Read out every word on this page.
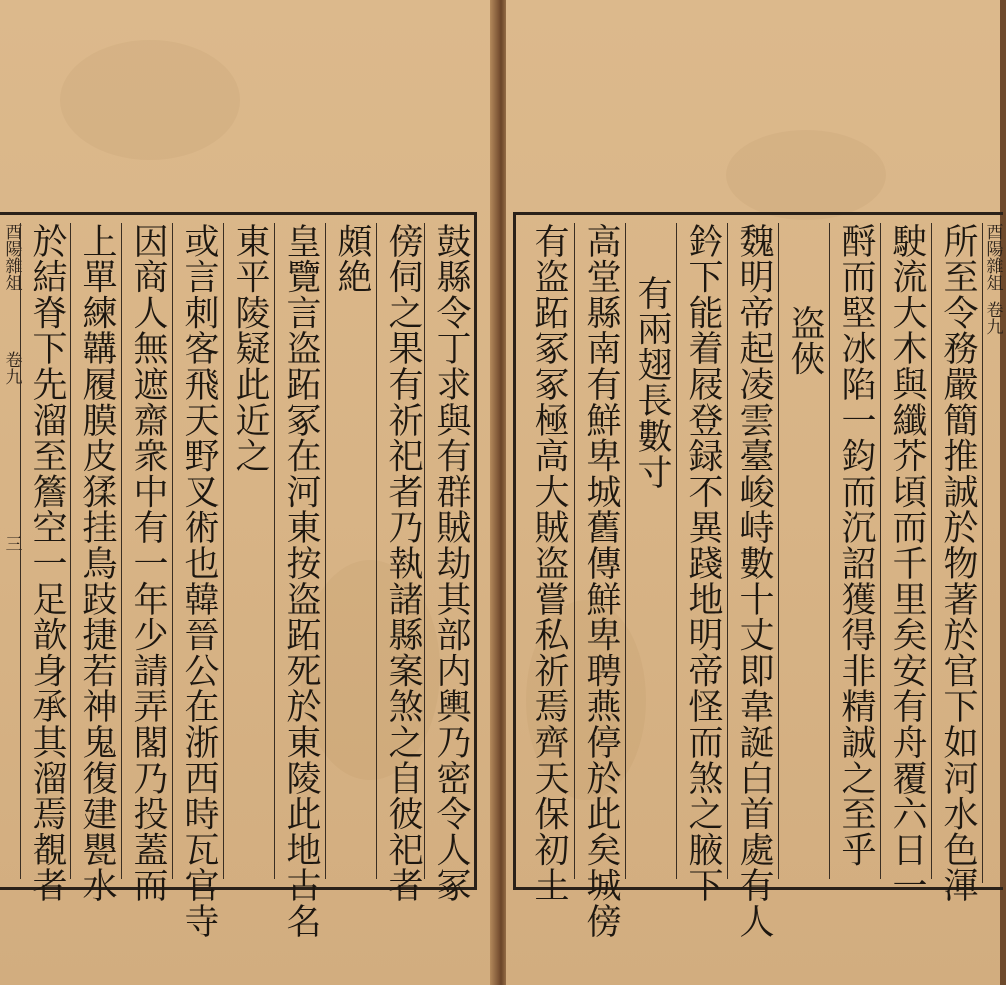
酉陽雜俎
卷九
三 於結脊下先溜至簷空一足歆身承其溜焉覩者 上單練韝履膜皮猱挂鳥跂捷若神鬼復建甖水 因商人無遮齋衆中有一年少請弄閣乃投蓋而 或言刺客飛天野叉術也韓晉公在浙西時瓦官寺 東平陵疑此近之 皇覽言盗跖冢在河東按盗跖死於東陵此地古名 頗絶 傍伺之果有祈祀者乃執諸縣案煞之自彼祀者 鼓縣令丁求與有群賊劫其部内輿乃密令人冢 有盗跖冢冢極高大賊盗嘗私祈焉齊天保初土 高堂縣南有鮮卑城舊傳鮮卑聘燕停於此矣城傍 有兩翅長數寸 鈐下能着屐登録不異踐地明帝怪而煞之腋下 魏明帝起凌雲臺峻峙數十丈即韋誕白首處有人 盗俠 酹而堅冰陷一鈞而沉詔獲得非精誠之至乎 駛流大木與纖芥頃而千里矣安有舟覆六日一 所至令務嚴簡推誠於物著於官下如河水色渾 酉陽雜俎
卷九
